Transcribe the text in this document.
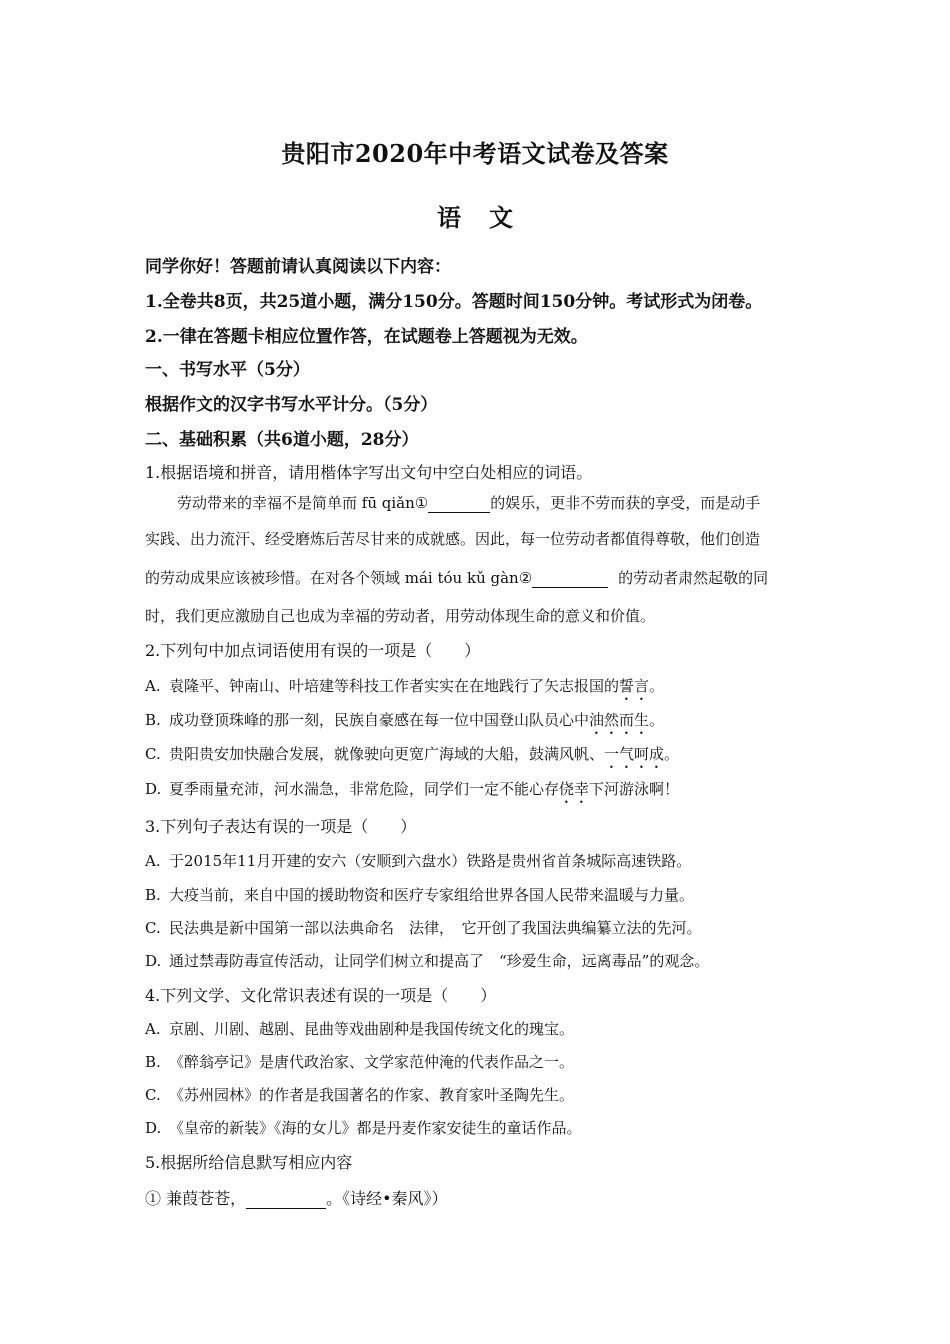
贵阳市2020年中考语文试卷及答案
语文
同学你好！答题前请认真阅读以下内容：
1.全卷共8页，共25道小题，满分150分。答题时间150分钟。考试形式为闭卷。
2.一律在答题卡相应位置作答，在试题卷上答题视为无效。
一、书写水平（5分）
根据作文的汉字书写水平计分。（5分）
二、基础积累（共6道小题，28分）
1.根据语境和拼音，请用楷体字写出文句中空白处相应的词语。
劳动带来的幸福不是简单而 fū qiǎn①	的娱乐，更非不劳而获的享受，而是动手
实践、出力流汗、经受磨炼后苦尽甘来的成就感。因此，每一位劳动者都值得尊敬，他们创造
的劳动成果应该被珍惜。在对各个领域 mái tóu kǔ gàn②	的劳动者肃然起敬的同
时，我们更应激励自己也成为幸福的劳动者，用劳动体现生命的意义和价值。
2.下列句中加点词语使用有误的一项是（　　）
A. 袁隆平、钟南山、叶培建等科技工作者实实在在地践行了矢志报国的誓言。
B. 成功登顶珠峰的那一刻，民族自豪感在每一位中国登山队员心中油然而生。
C. 贵阳贵安加快融合发展，就像驶向更宽广海域的大船，鼓满风帆、一气呵成。
D. 夏季雨量充沛，河水湍急，非常危险，同学们一定不能心存侥幸下河游泳啊！
3.下列句子表达有误的一项是（　　）
A. 于2015年11月开建的安六（安顺到六盘水）铁路是贵州省首条城际高速铁路。
B. 大疫当前，来自中国的援助物资和医疗专家组给世界各国人民带来温暖与力量。
C. 民法典是新中国第一部以法典命名　法律，　它开创了我国法典编纂立法的先河。
D. 通过禁毒防毒宣传活动，让同学们树立和提高了　“珍爱生命，远离毒品”的观念。
4.下列文学、文化常识表述有误的一项是（　　）
A. 京剧、川剧、越剧、昆曲等戏曲剧种是我国传统文化的瑰宝。
B. 《醉翁亭记》是唐代政治家、文学家范仲淹的代表作品之一。
C. 《苏州园林》的作者是我国著名的作家、教育家叶圣陶先生。
D. 《皇帝的新装》《海的女儿》都是丹麦作家安徒生的童话作品。
5.根据所给信息默写相应内容
① 兼葭苍苍，	。《诗经•秦风》）
